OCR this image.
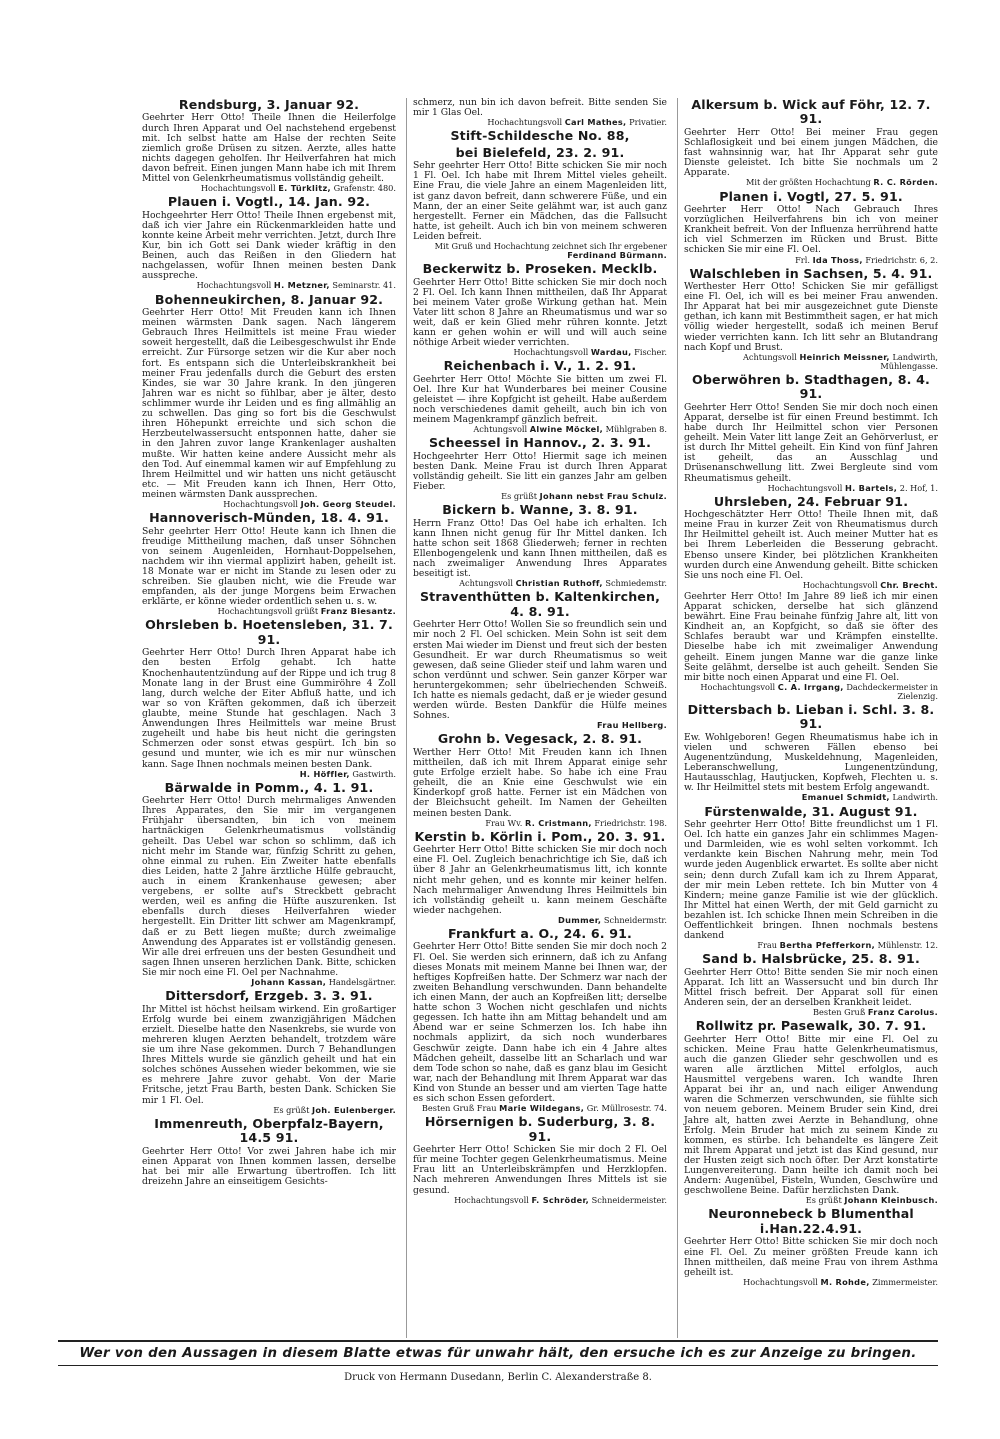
Rendsburg, 3. Januar 92.

Geehrter Herr Otto! Theile Ihnen die Heilerfolge durch Ihren Apparat und Oel nachstehend ergebenst mit. Ich selbst hatte am Halse der rechten Seite ziemlich große Drüsen zu sitzen. Aerzte, alles hatte nichts dagegen geholfen. Ihr Heilverfahren hat mich davon befreit. Einen jungen Mann habe ich mit Ihrem Mittel von Gelenkrheumatismus vollständig geheilt.

Hochachtungsvoll E. Türklitz, Grafenstr. 480.

Plauen i. Vogtl., 14. Jan. 92.

Hochgeehrter Herr Otto! Theile Ihnen ergebenst mit, daß ich vier Jahre ein Rückenmarkleiden hatte und konnte keine Arbeit mehr verrichten. Jetzt, durch Ihre Kur, bin ich Gott sei Dank wieder kräftig in den Beinen, auch das Reißen in den Gliedern hat nachgelassen, wofür Ihnen meinen besten Dank ausspreche.

Hochachtungsvoll H. Metzner, Seminarstr. 41.

Bohenneukirchen, 8. Januar 92.

Geehrter Herr Otto! Mit Freuden kann ich Ihnen meinen wärmsten Dank sagen. Nach längerem Gebrauch Ihres Heilmittels ist meine Frau wieder soweit hergestellt, daß die Leibesgeschwulst ihr Ende erreicht. Zur Fürsorge setzen wir die Kur aber noch fort. Es entspann sich die Unterleibskrankheit bei meiner Frau jedenfalls durch die Geburt des ersten Kindes, sie war 30 Jahre krank. In den jüngeren Jahren war es nicht so fühlbar, aber je älter, desto schlimmer wurde ihr Leiden und es fing allmählig an zu schwellen. Das ging so fort bis die Geschwulst ihren Höhepunkt erreichte und sich schon die Herzbeutelwassersucht entsponnen hatte, daher sie in den Jahren zuvor lange Krankenlager aushalten mußte. Wir hatten keine andere Aussicht mehr als den Tod. Auf einemmal kamen wir auf Empfehlung zu Ihrem Heilmittel und wir hatten uns nicht getäuscht etc. — Mit Freuden kann ich Ihnen, Herr Otto, meinen wärmsten Dank aussprechen.

Hochachtungsvoll Joh. Georg Steudel.

Hannoverisch-Münden, 18. 4. 91.

Sehr geehrter Herr Otto! Heute kann ich Ihnen die freudige Mittheilung machen, daß unser Söhnchen von seinem Augenleiden, Hornhaut-Doppelsehen, nachdem wir ihn viermal applizirt haben, geheilt ist. 18 Monate war er nicht im Stande zu lesen oder zu schreiben. Sie glauben nicht, wie die Freude war empfanden, als der junge Morgens beim Erwachen erklärte, er könne wieder ordentlich sehen u. s. w.

Hochachtungsvoll grüßt Franz Biesantz.

Ohrsleben b. Hoetensleben, 31. 7. 91.

Geehrter Herr Otto! Durch Ihren Apparat habe ich den besten Erfolg gehabt. Ich hatte Knochenhautentzündung auf der Rippe und ich trug 8 Monate lang in der Brust eine Gummiröhre 4 Zoll lang, durch welche der Eiter Abfluß hatte, und ich war so von Kräften gekommen, daß ich überzeit glaubte, meine Stunde hat geschlagen. Nach 3 Anwendungen Ihres Heilmittels war meine Brust zugeheilt und habe bis heut nicht die geringsten Schmerzen oder sonst etwas gespürt. Ich bin so gesund und munter, wie ich es mir nur wünschen kann. Sage Ihnen nochmals meinen besten Dank.

H. Höffler, Gastwirth.

Bärwalde in Pomm., 4. 1. 91.

Geehrter Herr Otto! Durch mehrmaliges Anwenden Ihres Apparates, den Sie mir im vergangenen Frühjahr übersandten, bin ich von meinem hartnäckigen Gelenkrheumatismus vollständig geheilt. Das Uebel war schon so schlimm, daß ich nicht mehr im Stande war, fünfzig Schritt zu gehen, ohne einmal zu ruhen. Ein Zweiter hatte ebenfalls dies Leiden, hatte 2 Jahre ärztliche Hülfe gebraucht, auch in einem Krankenhause gewesen; aber vergebens, er sollte auf's Streckbett gebracht werden, weil es anfing die Hüfte auszurenken. Ist ebenfalls durch dieses Heilverfahren wieder hergestellt. Ein Dritter litt schwer am Magenkrampf, daß er zu Bett liegen mußte; durch zweimalige Anwendung des Apparates ist er vollständig genesen. Wir alle drei erfreuen uns der besten Gesundheit und sagen Ihnen unseren herzlichen Dank. Bitte, schicken Sie mir noch eine Fl. Oel per Nachnahme.

Johann Kassan, Handelsgärtner.

Dittersdorf, Erzgeb. 3. 3. 91.

Ihr Mittel ist höchst heilsam wirkend. Ein großartiger Erfolg wurde bei einem zwanzigjährigen Mädchen erzielt. Dieselbe hatte den Nasenkrebs, sie wurde von mehreren klugen Aerzten behandelt, trotzdem wäre sie um ihre Nase gekommen. Durch 7 Behandlungen Ihres Mittels wurde sie gänzlich geheilt und hat ein solches schönes Aussehen wieder bekommen, wie sie es mehrere Jahre zuvor gehabt. Von der Marie Fritsche, jetzt Frau Barth, besten Dank. Schicken Sie mir 1 Fl. Oel.

Es grüßt Joh. Eulenberger.

Immenreuth, Oberpfalz-Bayern, 14.5 91.

Geehrter Herr Otto! Vor zwei Jahren habe ich mir einen Apparat von Ihnen kommen lassen, derselbe hat bei mir alle Erwartung übertroffen. Ich litt dreizehn Jahre an einseitigem Gesichts-

schmerz, nun bin ich davon befreit. Bitte senden Sie mir 1 Glas Oel.

Hochachtungsvoll Carl Mathes, Privatier.

Stift-Schildesche No. 88,
bei Bielefeld, 23. 2. 91.

Sehr geehrter Herr Otto! Bitte schicken Sie mir noch 1 Fl. Oel. Ich habe mit Ihrem Mittel vieles geheilt. Eine Frau, die viele Jahre an einem Magenleiden litt, ist ganz davon befreit, dann schwerere Füße, und ein Mann, der an einer Seite gelähmt war, ist auch ganz hergestellt. Ferner ein Mädchen, das die Fallsucht hatte, ist geheilt. Auch ich bin von meinem schweren Leiden befreit.

Mit Gruß und Hochachtung zeichnet sich Ihr ergebener Ferdinand Bürmann.

Beckerwitz b. Proseken. Mecklb.

Geehrter Herr Otto! Bitte schicken Sie mir doch noch 2 Fl. Oel. Ich kann Ihnen mittheilen, daß Ihr Apparat bei meinem Vater große Wirkung gethan hat. Mein Vater litt schon 8 Jahre an Rheumatismus und war so weit, daß er kein Glied mehr rühren konnte. Jetzt kann er gehen wohin er will und will auch seine nöthige Arbeit wieder verrichten.

Hochachtungsvoll Wardau, Fischer.

Reichenbach i. V., 1. 2. 91.

Geehrter Herr Otto! Möchte Sie bitten um zwei Fl. Oel. Ihre Kur hat Wunderbares bei meiner Cousine geleistet — ihre Kopfgicht ist geheilt. Habe außerdem noch verschiedenes damit geheilt, auch bin ich von meinem Magenkrampf gänzlich befreit.

Achtungsvoll Alwine Möckel, Mühlgraben 8.

Scheessel in Hannov., 2. 3. 91.

Hochgeehrter Herr Otto! Hiermit sage ich meinen besten Dank. Meine Frau ist durch Ihren Apparat vollständig geheilt. Sie litt ein ganzes Jahr am gelben Fieber.

Es grüßt Johann nebst Frau Schulz.

Bickern b. Wanne, 3. 8. 91.

Herrn Franz Otto! Das Oel habe ich erhalten. Ich kann Ihnen nicht genug für Ihr Mittel danken. Ich hatte schon seit 1868 Gliederweh; ferner in rechten Ellenbogengelenk und kann Ihnen mittheilen, daß es nach zweimaliger Anwendung Ihres Apparates beseitigt ist.

Achtungsvoll Christian Ruthoff, Schmiedemstr.

Straventhütten b. Kaltenkirchen, 4. 8. 91.

Geehrter Herr Otto! Wollen Sie so freundlich sein und mir noch 2 Fl. Oel schicken. Mein Sohn ist seit dem ersten Mai wieder im Dienst und freut sich der besten Gesundheit. Er war durch Rheumatismus so weit gewesen, daß seine Glieder steif und lahm waren und schon verdünnt und schwer. Sein ganzer Körper war heruntergekommen; sehr übelriechenden Schweiß. Ich hatte es niemals gedacht, daß er je wieder gesund werden würde. Besten Dankfür die Hülfe meines Sohnes.

Frau Hellberg.

Grohn b. Vegesack, 2. 8. 91.

Werther Herr Otto! Mit Freuden kann ich Ihnen mittheilen, daß ich mit Ihrem Apparat einige sehr gute Erfolge erzielt habe. So habe ich eine Frau geheilt, die an Knie eine Geschwulst wie ein Kinderkopf groß hatte. Ferner ist ein Mädchen von der Bleichsucht geheilt. Im Namen der Geheilten meinen besten Dank.

Frau Wv. R. Cristmann, Friedrichstr. 198.

Kerstin b. Körlin i. Pom., 20. 3. 91.

Geehrter Herr Otto! Bitte schicken Sie mir doch noch eine Fl. Oel. Zugleich benachrichtige ich Sie, daß ich über 8 Jahr an Gelenkrheumatismus litt, ich konnte nicht mehr gehen, und es konnte mir keiner helfen. Nach mehrmaliger Anwendung Ihres Heilmittels bin ich vollständig geheilt u. kann meinem Geschäfte wieder nachgehen.

Dummer, Schneidermstr.

Frankfurt a. O., 24. 6. 91.

Geehrter Herr Otto! Bitte senden Sie mir doch noch 2 Fl. Oel. Sie werden sich erinnern, daß ich zu Anfang dieses Monats mit meinem Manne bei Ihnen war, der heftiges Kopfreißen hatte. Der Schmerz war nach der zweiten Behandlung verschwunden. Dann behandelte ich einen Mann, der auch an Kopfreißen litt; derselbe hatte schon 3 Wochen nicht geschlafen und nichts gegessen. Ich hatte ihn am Mittag behandelt und am Abend war er seine Schmerzen los. Ich habe ihn nochmals applizirt, da sich noch wunderbares Geschwür zeigte. Dann habe ich ein 4 Jahre altes Mädchen geheilt, dasselbe litt an Scharlach und war dem Tode schon so nahe, daß es ganz blau im Gesicht war, nach der Behandlung mit Ihrem Apparat war das Kind von Stunde an besser und am vierten Tage hatte es sich schon Essen gefordert.

Besten Gruß Frau Marie Wildegans, Gr. Müllrosestr. 74.

Hörsernigen b. Suderburg, 3. 8. 91.

Geehrter Herr Otto! Schicken Sie mir doch 2 Fl. Oel für meine Tochter gegen Gelenkrheumatismus. Meine Frau litt an Unterleibskrämpfen und Herzklopfen. Nach mehreren Anwendungen Ihres Mittels ist sie gesund.

Hochachtungsvoll F. Schröder, Schneidermeister.

Alkersum b. Wick auf Föhr, 12. 7. 91.

Geehrter Herr Otto! Bei meiner Frau gegen Schlaflosigkeit und bei einem jungen Mädchen, die fast wahnsinnig war, hat Ihr Apparat sehr gute Dienste geleistet. Ich bitte Sie nochmals um 2 Apparate.

Mit der größten Hochachtung R. C. Rörden.

Planen i. Vogtl, 27. 5. 91.

Geehrter Herr Otto! Nach Gebrauch Ihres vorzüglichen Heilverfahrens bin ich von meiner Krankheit befreit. Von der Influenza herrührend hatte ich viel Schmerzen im Rücken und Brust. Bitte schicken Sie mir eine Fl. Oel.

Frl. Ida Thoss, Friedrichstr. 6, 2.

Walschleben in Sachsen, 5. 4. 91.

Werthester Herr Otto! Schicken Sie mir gefälligst eine Fl. Oel, ich will es bei meiner Frau anwenden. Ihr Apparat hat bei mir ausgezeichnet gute Dienste gethan, ich kann mit Bestimmtheit sagen, er hat mich völlig wieder hergestellt, sodaß ich meinen Beruf wieder verrichten kann. Ich litt sehr an Blutandrang nach Kopf und Brust.

Achtungsvoll Heinrich Meissner, Landwirth, Mühlengasse.

Oberwöhren b. Stadthagen, 8. 4. 91.

Geehrter Herr Otto! Senden Sie mir doch noch einen Apparat, derselbe ist für einen Freund bestimmt. Ich habe durch Ihr Heilmittel schon vier Personen geheilt. Mein Vater litt lange Zeit an Gehörverlust, er ist durch Ihr Mittel geheilt. Ein Kind von fünf Jahren ist geheilt, das an Ausschlag und Drüsenanschwellung litt. Zwei Bergleute sind vom Rheumatismus geheilt.

Hochachtungsvoll H. Bartels, 2. Hof, 1.

Uhrsleben, 24. Februar 91.

Hochgeschätzter Herr Otto! Theile Ihnen mit, daß meine Frau in kurzer Zeit von Rheumatismus durch Ihr Heilmittel geheilt ist. Auch meiner Mutter hat es bei Ihrem Leberleiden die Besserung gebracht. Ebenso unsere Kinder, bei plötzlichen Krankheiten wurden durch eine Anwendung geheilt. Bitte schicken Sie uns noch eine Fl. Oel.

Hochachtungsvoll Chr. Brecht.

Geehrter Herr Otto! Im Jahre 89 ließ ich mir einen Apparat schicken, derselbe hat sich glänzend bewährt. Eine Frau beinahe fünfzig Jahre alt, litt von Kindheit an, an Kopfgicht, so daß sie öfter des Schlafes beraubt war und Krämpfen einstellte. Dieselbe habe ich mit zweimaliger Anwendung geheilt. Einem jungen Manne war die ganze linke Seite gelähmt, derselbe ist auch geheilt. Senden Sie mir bitte noch einen Apparat und eine Fl. Oel.

Hochachtungsvoll C. A. Irrgang, Dachdeckermeister in Zielenzig.

Dittersbach b. Lieban i. Schl. 3. 8. 91.

Ew. Wohlgeboren! Gegen Rheumatismus habe ich in vielen und schweren Fällen ebenso bei Augenentzündung, Muskeldehnung, Magenleiden, Leberanschwellung, Lungenentzündung, Hautausschlag, Hautjucken, Kopfweh, Flechten u. s. w. Ihr Heilmittel stets mit bestem Erfolg angewandt.

Emanuel Schmidt, Landwirth.

Fürstenwalde, 31. August 91.

Sehr geehrter Herr Otto! Bitte freundlichst um 1 Fl. Oel. Ich hatte ein ganzes Jahr ein schlimmes Magen- und Darmleiden, wie es wohl selten vorkommt. Ich verdankte kein Bischen Nahrung mehr, mein Tod wurde jeden Augenblick erwartet. Es sollte aber nicht sein; denn durch Zufall kam ich zu Ihrem Apparat, der mir mein Leben rettete. Ich bin Mutter von 4 Kindern; meine ganze Familie ist wie der glücklich. Ihr Mittel hat einen Werth, der mit Geld garnicht zu bezahlen ist. Ich schicke Ihnen mein Schreiben in die Oeffentlichkeit bringen. Ihnen nochmals bestens dankend

Frau Bertha Pfefferkorn, Mühlenstr. 12.

Sand b. Halsbrücke, 25. 8. 91.

Geehrter Herr Otto! Bitte senden Sie mir noch einen Apparat. Ich litt an Wassersucht und bin durch Ihr Mittel frisch befreit. Der Apparat soll für einen Anderen sein, der an derselben Krankheit leidet.

Besten Gruß Franz Carolus.

Rollwitz pr. Pasewalk, 30. 7. 91.

Geehrter Herr Otto! Bitte mir eine Fl. Oel zu schicken. Meine Frau hatte Gelenkrheumatismus, auch die ganzen Glieder sehr geschwollen und es waren alle ärztlichen Mittel erfolglos, auch Hausmittel vergebens waren. Ich wandte Ihren Apparat bei ihr an, und nach eiliger Anwendung waren die Schmerzen verschwunden, sie fühlte sich von neuem geboren. Meinem Bruder sein Kind, drei Jahre alt, hatten zwei Aerzte in Behandlung, ohne Erfolg. Mein Bruder hat mich zu seinem Kinde zu kommen, es stürbe. Ich behandelte es längere Zeit mit Ihrem Apparat und jetzt ist das Kind gesund, nur der Husten zeigt sich noch öfter. Der Arzt konstatirte Lungenvereiterung. Dann heilte ich damit noch bei Andern: Augenübel, Fisteln, Wunden, Geschwüre und geschwollene Beine. Dafür herzlichsten Dank.

Es grüßt Johann Kleinbusch.

Neuronnebeck b Blumenthal i.Han.22.4.91.

Geehrter Herr Otto! Bitte schicken Sie mir doch noch eine Fl. Oel. Zu meiner größten Freude kann ich Ihnen mittheilen, daß meine Frau von ihrem Asthma geheilt ist.

Hochachtungsvoll M. Rohde, Zimmermeister.

Wer von den Aussagen in diesem Blatte etwas für unwahr hält, den ersuche ich es zur Anzeige zu bringen.
Druck von Hermann Dusedann, Berlin C. Alexanderstraße 8.
